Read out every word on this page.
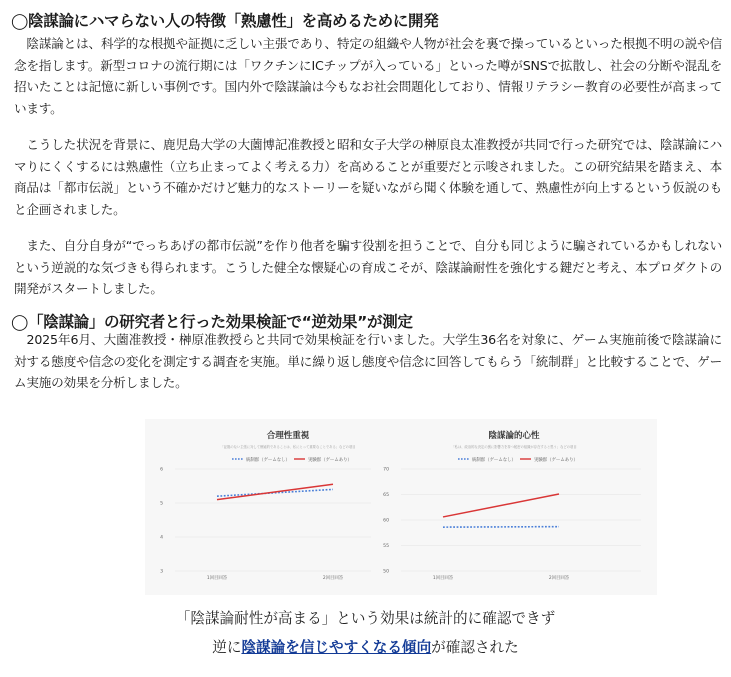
◯陰謀論にハマらない人の特徴「熟慮性」を高めるために開発
　陰謀論とは、科学的な根拠や証拠に乏しい主張であり、特定の組織や人物が社会を裏で操っているといった根拠不明の説や信念を指します。新型コロナの流行期には「ワクチンにICチップが入っている」といった噂がSNSで拡散し、社会の分断や混乱を招いたことは記憶に新しい事例です。国内外で陰謀論は今もなお社会問題化しており、情報リテラシー教育の必要性が高まっています。
　こうした状況を背景に、鹿児島大学の大薗博記准教授と昭和女子大学の榊原良太准教授が共同で行った研究では、陰謀論にハマりにくくするには熟慮性（立ち止まってよく考える力）を高めることが重要だと示唆されました。この研究結果を踏まえ、本商品は「都市伝説」という不確かだけど魅力的なストーリーを疑いながら聞く体験を通して、熟慮性が向上するという仮説のもと企画されました。
　また、自分自身が“でっちあげの都市伝説”を作り他者を騙す役割を担うことで、自分も同じように騙されているかもしれないという逆説的な気づきも得られます。こうした健全な懐疑心の育成こそが、陰謀論耐性を強化する鍵だと考え、本プロダクトの開発がスタートしました。
◯「陰謀論」の研究者と行った効果検証で“逆効果”が測定
　2025年6月、大薗准教授・榊原准教授らと共同で効果検証を行いました。大学生36名を対象に、ゲーム実施前後で陰謀論に対する態度や信念の変化を測定する調査を実施。単に繰り返し態度や信念に回答してもらう「統制群」と比較することで、ゲーム実施の効果を分析しました。
合理性重視
「証拠のない主張に対して懐疑的であることは、私にとって重要なことである」などの項目
統制群（ゲームなし）	実験群（ゲームあり）
3
4
5
6
1回目回答	2回目回答
陰謀論的心性
「私は、政治的な決定の裏に影響力を持つ秘密の組織が存在すると思う」などの項目
統制群（ゲームなし）	実験群（ゲームあり）
50
55
60
65
70
1回目回答	2回目回答
「陰謀論耐性が高まる」という効果は統計的に確認できず
逆に陰謀論を信じやすくなる傾向が確認された
